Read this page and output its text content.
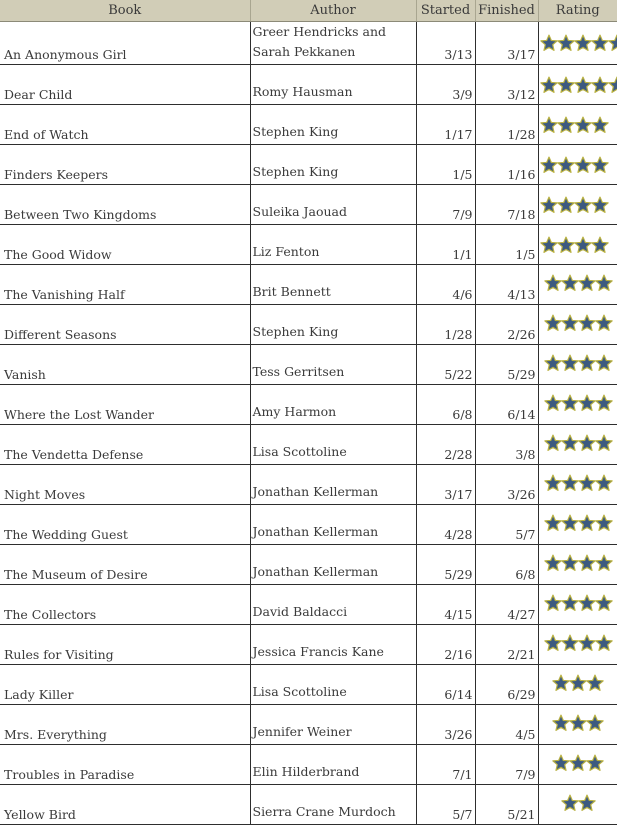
Book	Author	Started	Finished	Rating
An Anonymous Girl	Greer Hendricks and Sarah Pekkanen	3/13	3/17	

Dear Child	Romy Hausman	3/9	3/12	

End of Watch	Stephen King	1/17	1/28	

Finders Keepers	Stephen King	1/5	1/16	

Between Two Kingdoms	Suleika Jaouad	7/9	7/18	

The Good Widow	Liz Fenton	1/1	1/5	

The Vanishing Half	Brit Bennett	4/6	4/13	

Different Seasons	Stephen King	1/28	2/26	

Vanish	Tess Gerritsen	5/22	5/29	

Where the Lost Wander	Amy Harmon	6/8	6/14	

The Vendetta Defense	Lisa Scottoline	2/28	3/8	

Night Moves	Jonathan Kellerman	3/17	3/26	

The Wedding Guest	Jonathan Kellerman	4/28	5/7	

The Museum of Desire	Jonathan Kellerman	5/29	6/8	

The Collectors	David Baldacci	4/15	4/27	

Rules for Visiting	Jessica Francis Kane	2/16	2/21	

Lady Killer	Lisa Scottoline	6/14	6/29	

Mrs. Everything	Jennifer Weiner	3/26	4/5	

Troubles in Paradise	Elin Hilderbrand	7/1	7/9	

Yellow Bird	Sierra Crane Murdoch	5/7	5/21	
